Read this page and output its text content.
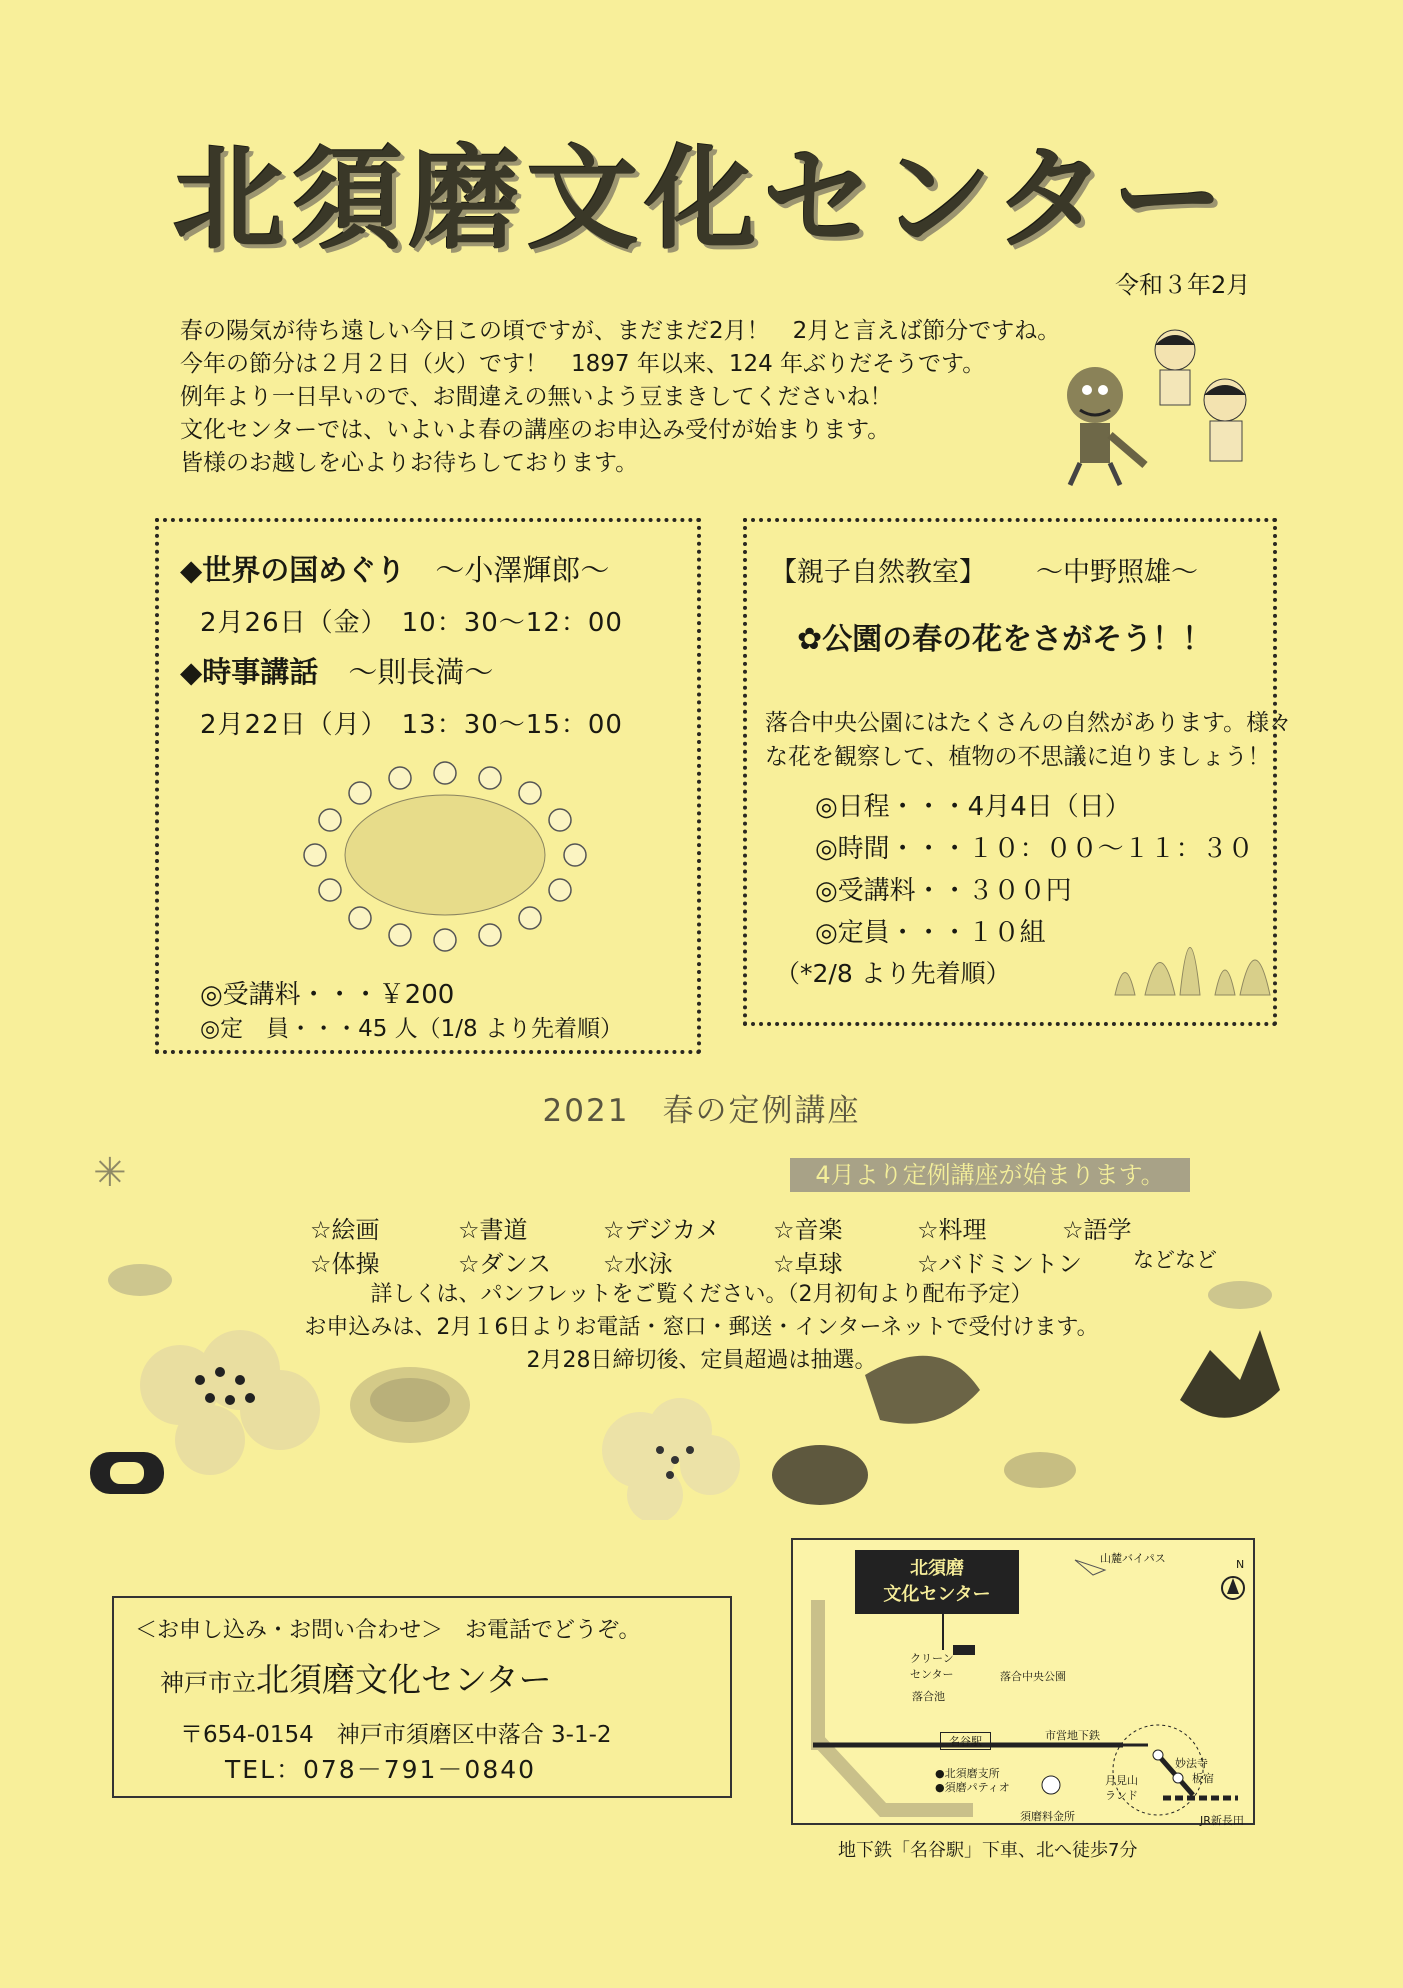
北須磨文化センター
令和３年2月
春の陽気が待ち遠しい今日この頃ですが、まだまだ2月！　2月と言えば節分ですね。
今年の節分は２月２日（火）です！　1897 年以来、124 年ぶりだそうです。
例年より一日早いので、お間違えの無いよう豆まきしてくださいね！
文化センターでは、いよいよ春の講座のお申込み受付が始まります。
皆様のお越しを心よりお待ちしております。
◆世界の国めぐり ～小澤輝郎～
2月26日（金）　10：30～12：00
◆時事講話 ～則長満～
2月22日（月）　13：30～15：00
◎受講料・・・￥200
◎定　員・・・45 人（1/8 より先着順）
【親子自然教室】 ～中野照雄～
✿公園の春の花をさがそう！！
落合中央公園にはたくさんの自然があります。様々
な花を観察して、植物の不思議に迫りましょう！
◎日程・・・4月4日（日）
◎時間・・・１０：００～１１：３０
◎受講料・・３００円
◎定員・・・１０組
（*2/8 より先着順）
2021　春の定例講座
4月より定例講座が始まります。
✳
☆絵画	☆書道	☆デジカメ ☆音楽	☆料理	☆語学
☆体操	☆ダンス ☆水泳	☆卓球	☆バドミントン などなど
詳しくは、パンフレットをご覧ください。（2月初旬より配布予定）
お申込みは、2月１6日よりお電話・窓口・郵送・インターネットで受付けます。
2月28日締切後、定員超過は抽選。
＜お申し込み・お問い合わせ＞　お電話でどうぞ。
神戸市立北須磨文化センター
〒654-0154　神戸市須磨区中落合 3-1-2
TEL：078－791－0840
北須磨
文化センター
山麓バイパス	N
クリーン
センター
落合池
落合中央公園
名谷駅	市営地下鉄
●北須磨支所
●須磨パティオ
妙法寺
板宿
月見山
ランド
須磨料金所	JR新長田
地下鉄「名谷駅」下車、北へ徒歩7分
